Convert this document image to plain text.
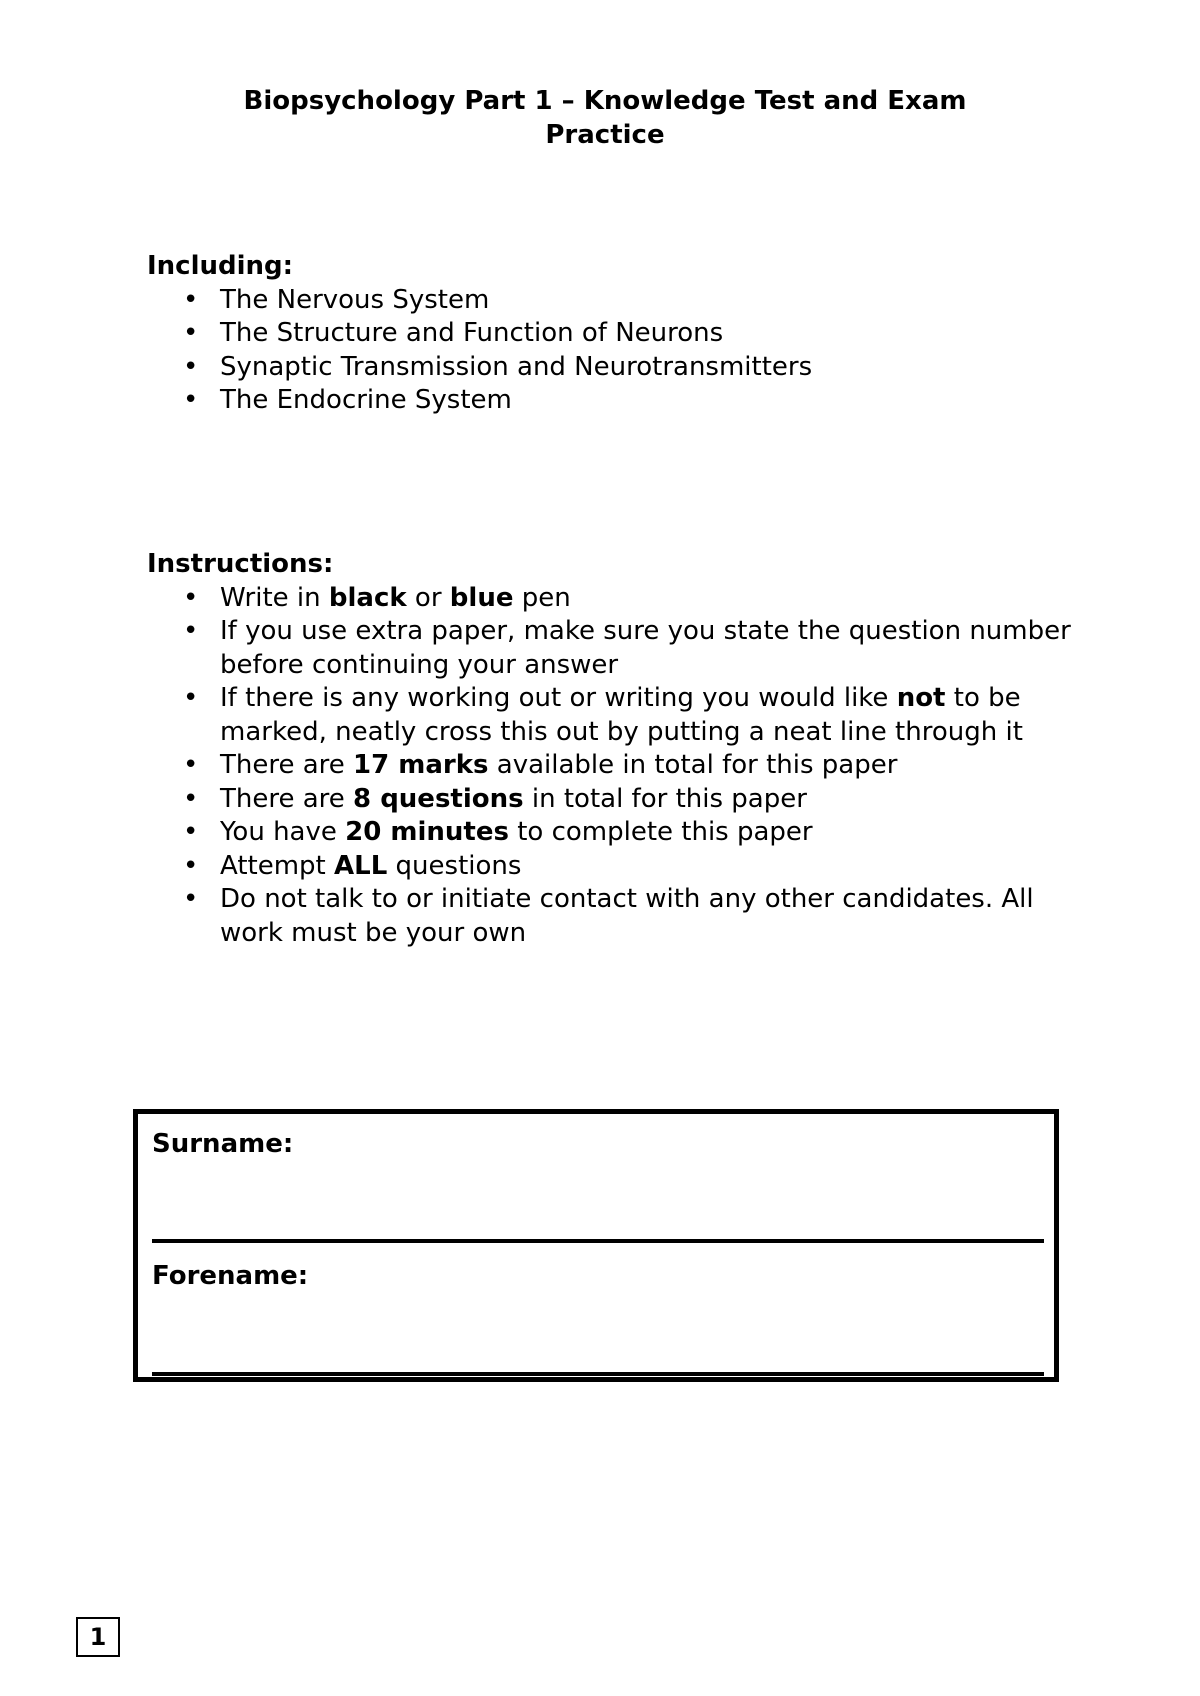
Biopsychology Part 1 – Knowledge Test and Exam Practice

Including:

• The Nervous System
• The Structure and Function of Neurons
• Synaptic Transmission and Neurotransmitters
• The Endocrine System

Instructions:

• Write in black or blue pen
• If you use extra paper, make sure you state the question number before continuing your answer
• If there is any working out or writing you would like not to be marked, neatly cross this out by putting a neat line through it
• There are 17 marks available in total for this paper
• There are 8 questions in total for this paper
• You have 20 minutes to complete this paper
• Attempt ALL questions
• Do not talk to or initiate contact with any other candidates. All work must be your own
Surname:
Forename:
1
